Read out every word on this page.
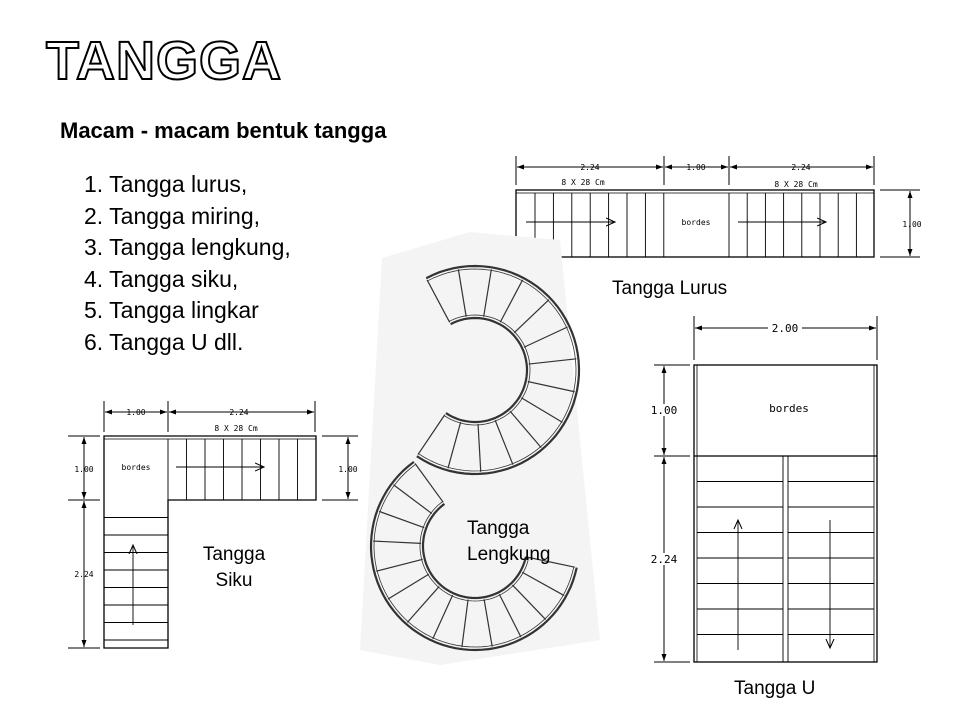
TANGGA
Macam - macam bentuk tangga
1. Tangga lurus,
2. Tangga miring,
3. Tangga lengkung,
4. Tangga siku,
5. Tangga lingkar
6. Tangga U dll.
2.24	1.00	2.24
8 X 28 Cm	8 X 28 Cm
bordes	1.00
1.00	2.24
8 X 28 Cm
bordes
1.00	1.00
2.24
2.00
bordes
1.00
2.24
Tangga Lurus
Tangga
Siku
Tangga
Lengkung
Tangga U
